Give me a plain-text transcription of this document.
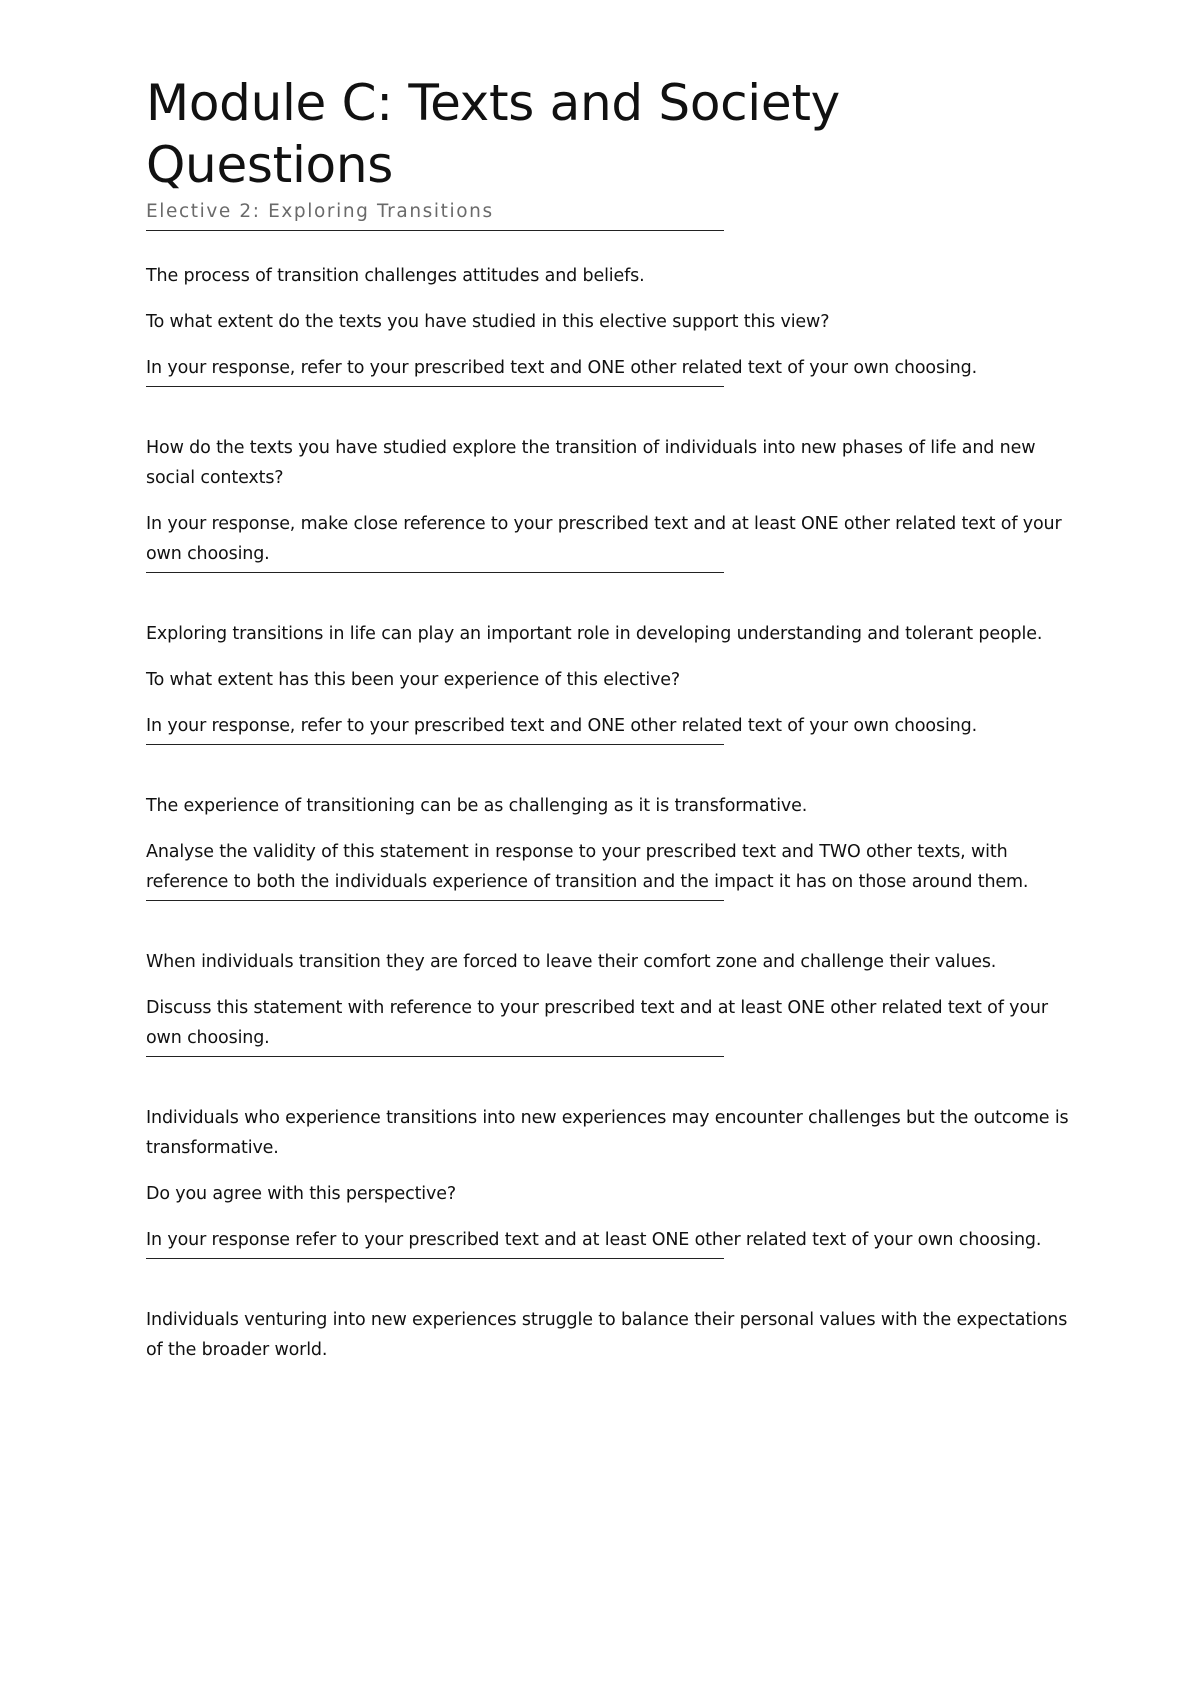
Module C: Texts and Society Questions
Elective 2: Exploring Transitions

The process of transition challenges attitudes and beliefs.

To what extent do the texts you have studied in this elective support this view?

In your response, refer to your prescribed text and ONE other related text of your own choosing.

How do the texts you have studied explore the transition of individuals into new phases of life and new social contexts?

In your response, make close reference to your prescribed text and at least ONE other related text of your own choosing.

Exploring transitions in life can play an important role in developing understanding and tolerant people.

To what extent has this been your experience of this elective?

In your response, refer to your prescribed text and ONE other related text of your own choosing.

The experience of transitioning can be as challenging as it is transformative.

Analyse the validity of this statement in response to your prescribed text and TWO other texts, with reference to both the individuals experience of transition and the impact it has on those around them.

When individuals transition they are forced to leave their comfort zone and challenge their values.

Discuss this statement with reference to your prescribed text and at least ONE other related text of your own choosing.

Individuals who experience transitions into new experiences may encounter challenges but the outcome is transformative.

Do you agree with this perspective?

In your response refer to your prescribed text and at least ONE other related text of your own choosing.

Individuals venturing into new experiences struggle to balance their personal values with the expectations of the broader world.
